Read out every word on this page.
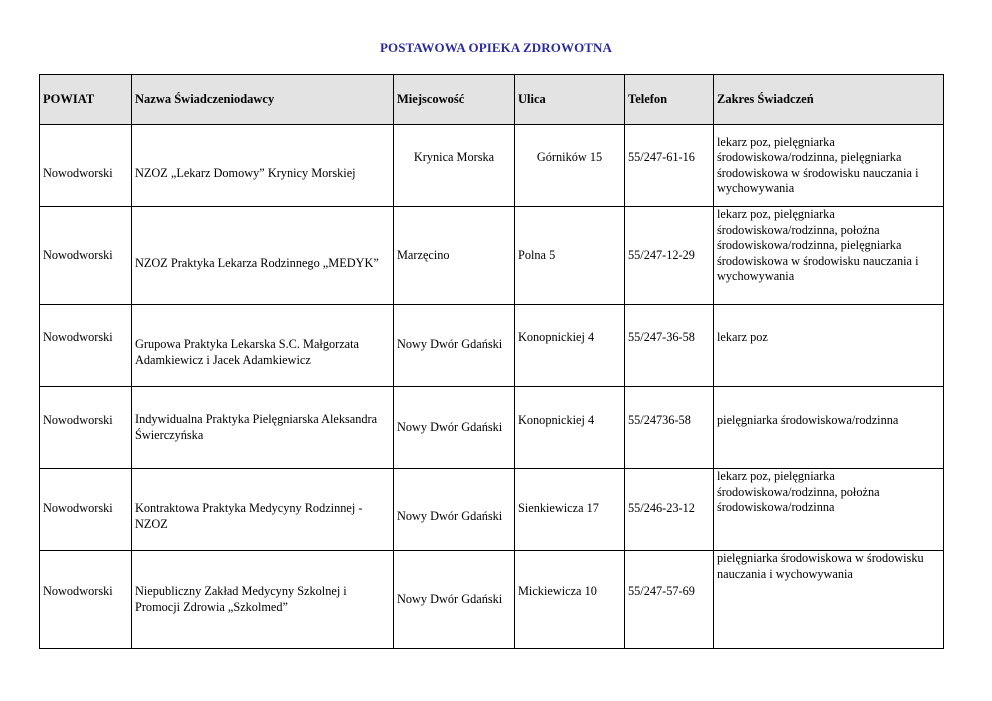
POSTAWOWA OPIEKA ZDROWOTNA
POWIAT	Nazwa Świadczeniodawcy	Miejscowość	Ulica	Telefon	Zakres Świadczeń
Nowodworski	NZOZ „Lekarz Domowy” Krynicy Morskiej	Krynica Morska	Górników 15	55/247-61-16	lekarz poz, pielęgniarka środowiskowa/rodzinna, pielęgniarka środowiskowa w środowisku nauczania i wychowywania
Nowodworski	NZOZ Praktyka Lekarza Rodzinnego „MEDYK”	Marzęcino	Polna 5	55/247-12-29	lekarz poz, pielęgniarka środowiskowa/rodzinna, położna środowiskowa/rodzinna, pielęgniarka środowiskowa w środowisku nauczania i wychowywania
Nowodworski	Grupowa Praktyka Lekarska S.C. Małgorzata Adamkiewicz i Jacek Adamkiewicz	Nowy Dwór Gdański	Konopnickiej 4	55/247-36-58	lekarz poz
Nowodworski	Indywidualna Praktyka Pielęgniarska Aleksandra Świerczyńska	Nowy Dwór Gdański	Konopnickiej 4	55/24736-58	pielęgniarka środowiskowa/rodzinna
Nowodworski	Kontraktowa Praktyka Medycyny Rodzinnej - NZOZ	Nowy Dwór Gdański	Sienkiewicza 17	55/246-23-12	lekarz poz, pielęgniarka środowiskowa/rodzinna, położna środowiskowa/rodzinna
Nowodworski	Niepubliczny Zakład Medycyny Szkolnej i Promocji Zdrowia „Szkolmed”	Nowy Dwór Gdański	Mickiewicza 10	55/247-57-69	pielęgniarka środowiskowa w środowisku nauczania i wychowywania
